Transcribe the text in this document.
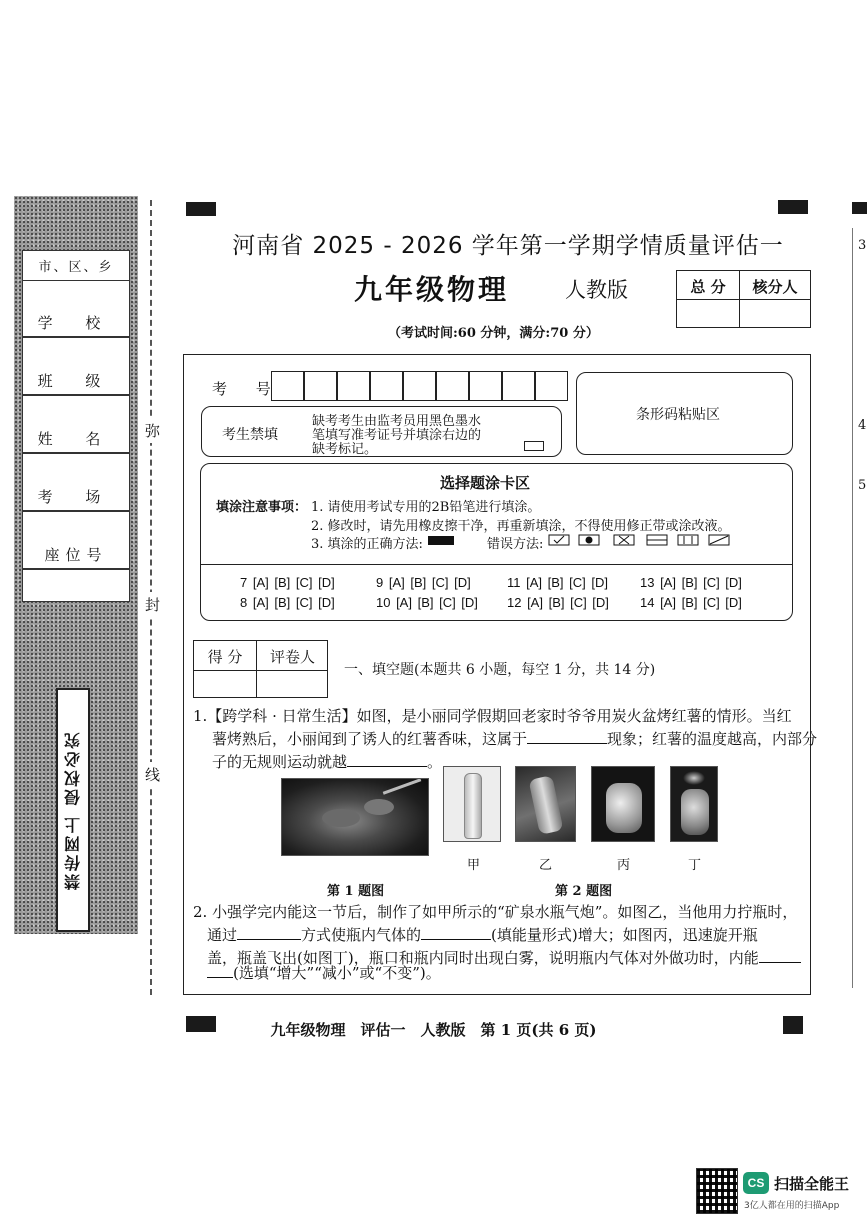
3
4
5
市、区、乡
学 校
班 级
姓 名
考 场
座位号
禁传网上 侵权必究
弥
封
线
河南省 2025 - 2026 学年第一学期学情质量评估一
九年级物理	人教版
（考试时间:60 分钟，满分:70 分）
总 分	核分人
考 号
考生禁填
缺考考生由监考员用黑色墨水
笔填写准考证号并填涂右边的
缺考标记。
条形码粘贴区
选择题涂卡区
填涂注意事项： 1. 请使用考试专用的2B铅笔进行填涂。
2. 修改时，请先用橡皮擦干净，再重新填涂，不得使用修正带或涂改液。
3. 填涂的正确方法:	错误方法:
7 [A] [B] [C] [D]	9 [A] [B] [C] [D]	11 [A] [B] [C] [D] 13 [A] [B] [C] [D]
8 [A] [B] [C] [D]	10 [A] [B] [C] [D] 12 [A] [B] [C] [D] 14 [A] [B] [C] [D]
得 分	评卷人
一、填空题(本题共 6 小题，每空 1 分，共 14 分)
1.【跨学科 · 日常生活】如图，是小丽同学假期回老家时爷爷用炭火盆烤红薯的情形。当红
薯烤熟后，小丽闻到了诱人的红薯香味，这属于	现象；红薯的温度越高，内部分
子的无规则运动就越	。
甲	乙	丙	丁
第 1 题图	第 2 题图
2. 小强学完内能这一节后，制作了如甲所示的“矿泉水瓶气炮”。如图乙，当他用力拧瓶时，
通过	方式使瓶内气体的	(填能量形式)增大；如图丙，迅速旋开瓶
盖，瓶盖飞出(如图丁)，瓶口和瓶内同时出现白雾，说明瓶内气体对外做功时，内能
(选填“增大”“减小”或“不变”)。
九年级物理　评估一　人教版　第 1 页(共 6 页)
CS 扫描全能王
3亿人都在用的扫描App
